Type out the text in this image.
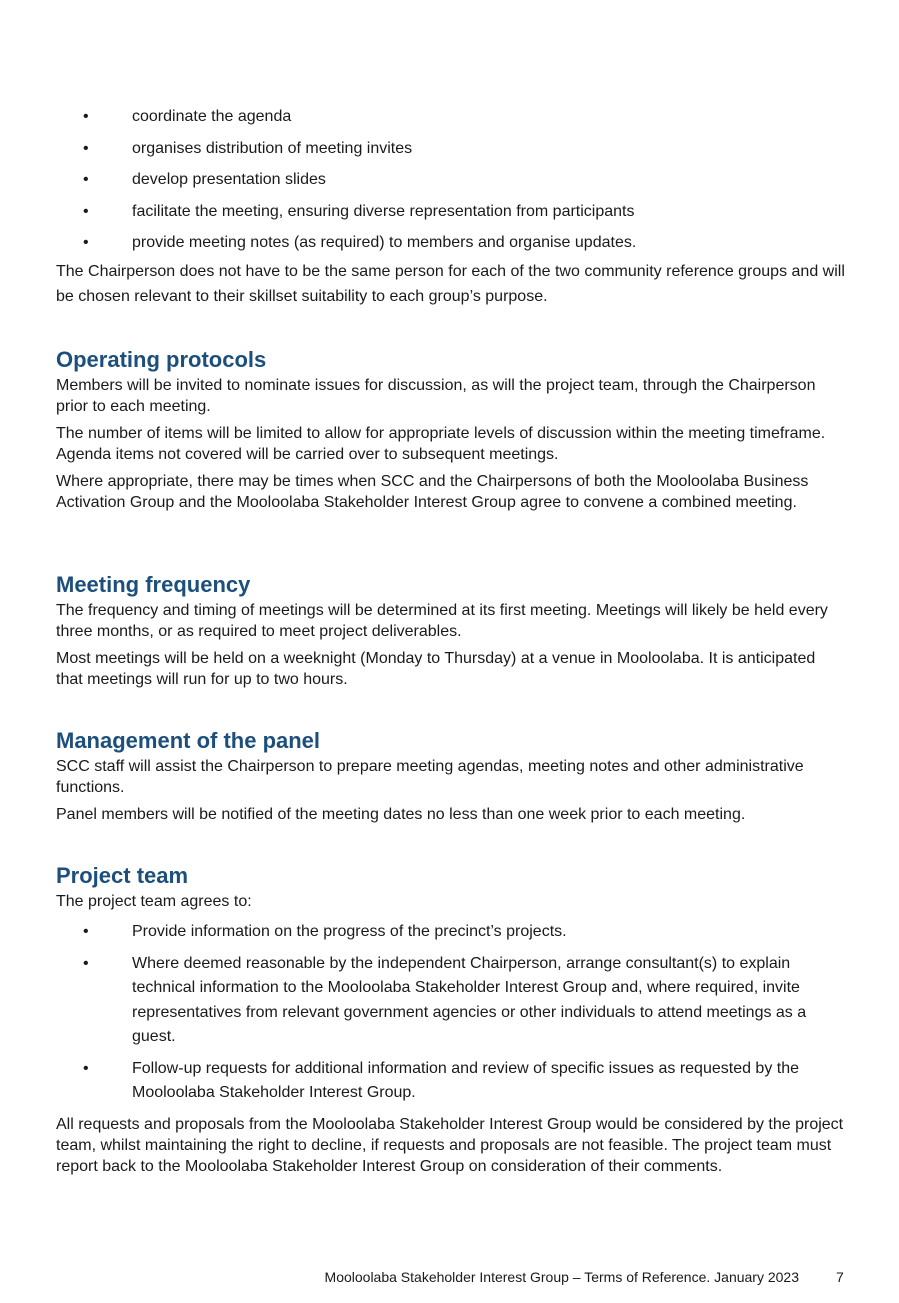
•	coordinate the agenda
•	organises distribution of meeting invites
•	develop presentation slides
•	facilitate the meeting, ensuring diverse representation from participants
•	provide meeting notes (as required) to members and organise updates.

The Chairperson does not have to be the same person for each of the two community reference groups and will be chosen relevant to their skillset suitability to each group’s purpose.

Operating protocols

Members will be invited to nominate issues for discussion, as will the project team, through the Chairperson prior to each meeting.

The number of items will be limited to allow for appropriate levels of discussion within the meeting timeframe. Agenda items not covered will be carried over to subsequent meetings.

Where appropriate, there may be times when SCC and the Chairpersons of both the Mooloolaba Business Activation Group and the Mooloolaba Stakeholder Interest Group agree to convene a combined meeting.

Meeting frequency

The frequency and timing of meetings will be determined at its first meeting. Meetings will likely be held every three months, or as required to meet project deliverables.

Most meetings will be held on a weeknight (Monday to Thursday) at a venue in Mooloolaba. It is anticipated that meetings will run for up to two hours.

Management of the panel

SCC staff will assist the Chairperson to prepare meeting agendas, meeting notes and other administrative functions.

Panel members will be notified of the meeting dates no less than one week prior to each meeting.

Project team

The project team agrees to:

•	Provide information on the progress of the precinct’s projects.
•	Where deemed reasonable by the independent Chairperson, arrange consultant(s) to explain technical information to the Mooloolaba Stakeholder Interest Group and, where required, invite representatives from relevant government agencies or other individuals to attend meetings as a guest.
•	Follow-up requests for additional information and review of specific issues as requested by the Mooloolaba Stakeholder Interest Group.

All requests and proposals from the Mooloolaba Stakeholder Interest Group would be considered by the project team, whilst maintaining the right to decline, if requests and proposals are not feasible. The project team must report back to the Mooloolaba Stakeholder Interest Group on consideration of their comments.

Mooloolaba Stakeholder Interest Group – Terms of Reference. January 2023	7
